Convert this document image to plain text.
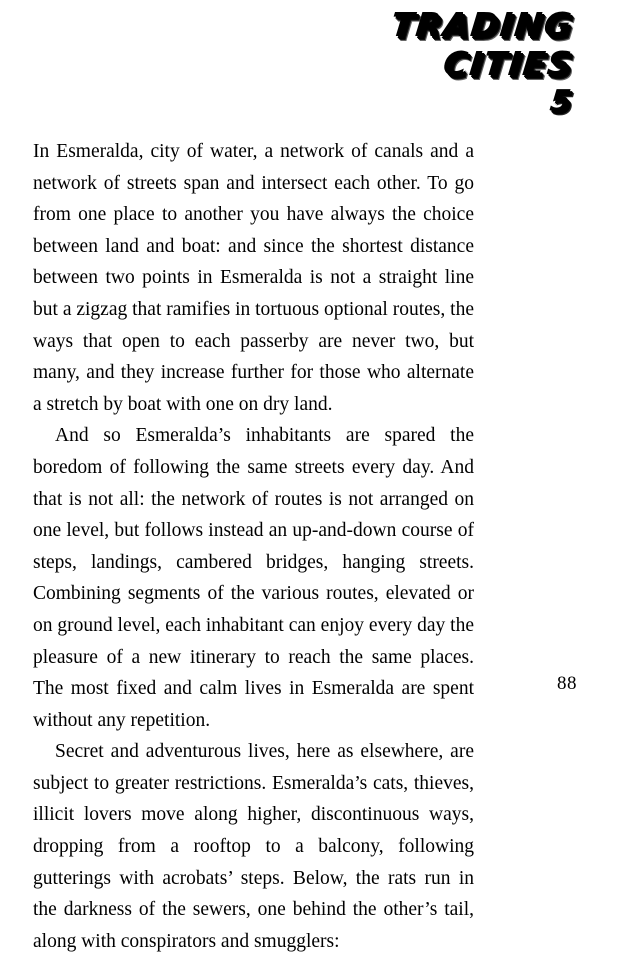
TRADING
CITIES
5

In Esmeralda, city of water, a network of canals and a network of streets span and intersect each other. To go from one place to another you have always the choice between land and boat: and since the shortest distance between two points in Esmeralda is not a straight line but a zigzag that ramifies in tortuous optional routes, the ways that open to each passerby are never two, but many, and they increase further for those who alternate a stretch by boat with one on dry land.

And so Esmeralda’s inhabitants are spared the boredom of following the same streets every day. And that is not all: the network of routes is not arranged on one level, but follows instead an up-and-down course of steps, landings, cambered bridges, hanging streets. Combining segments of the various routes, elevated or on ground level, each inhabitant can enjoy every day the pleasure of a new itinerary to reach the same places. The most fixed and calm lives in Esmeralda are spent without any repetition.

Secret and adventurous lives, here as elsewhere, are subject to greater restrictions. Esmeralda’s cats, thieves, illicit lovers move along higher, discontinuous ways, dropping from a rooftop to a balcony, following gutterings with acrobats’ steps. Below, the rats run in the darkness of the sewers, one behind the other’s tail, along with conspirators and smugglers:

88
